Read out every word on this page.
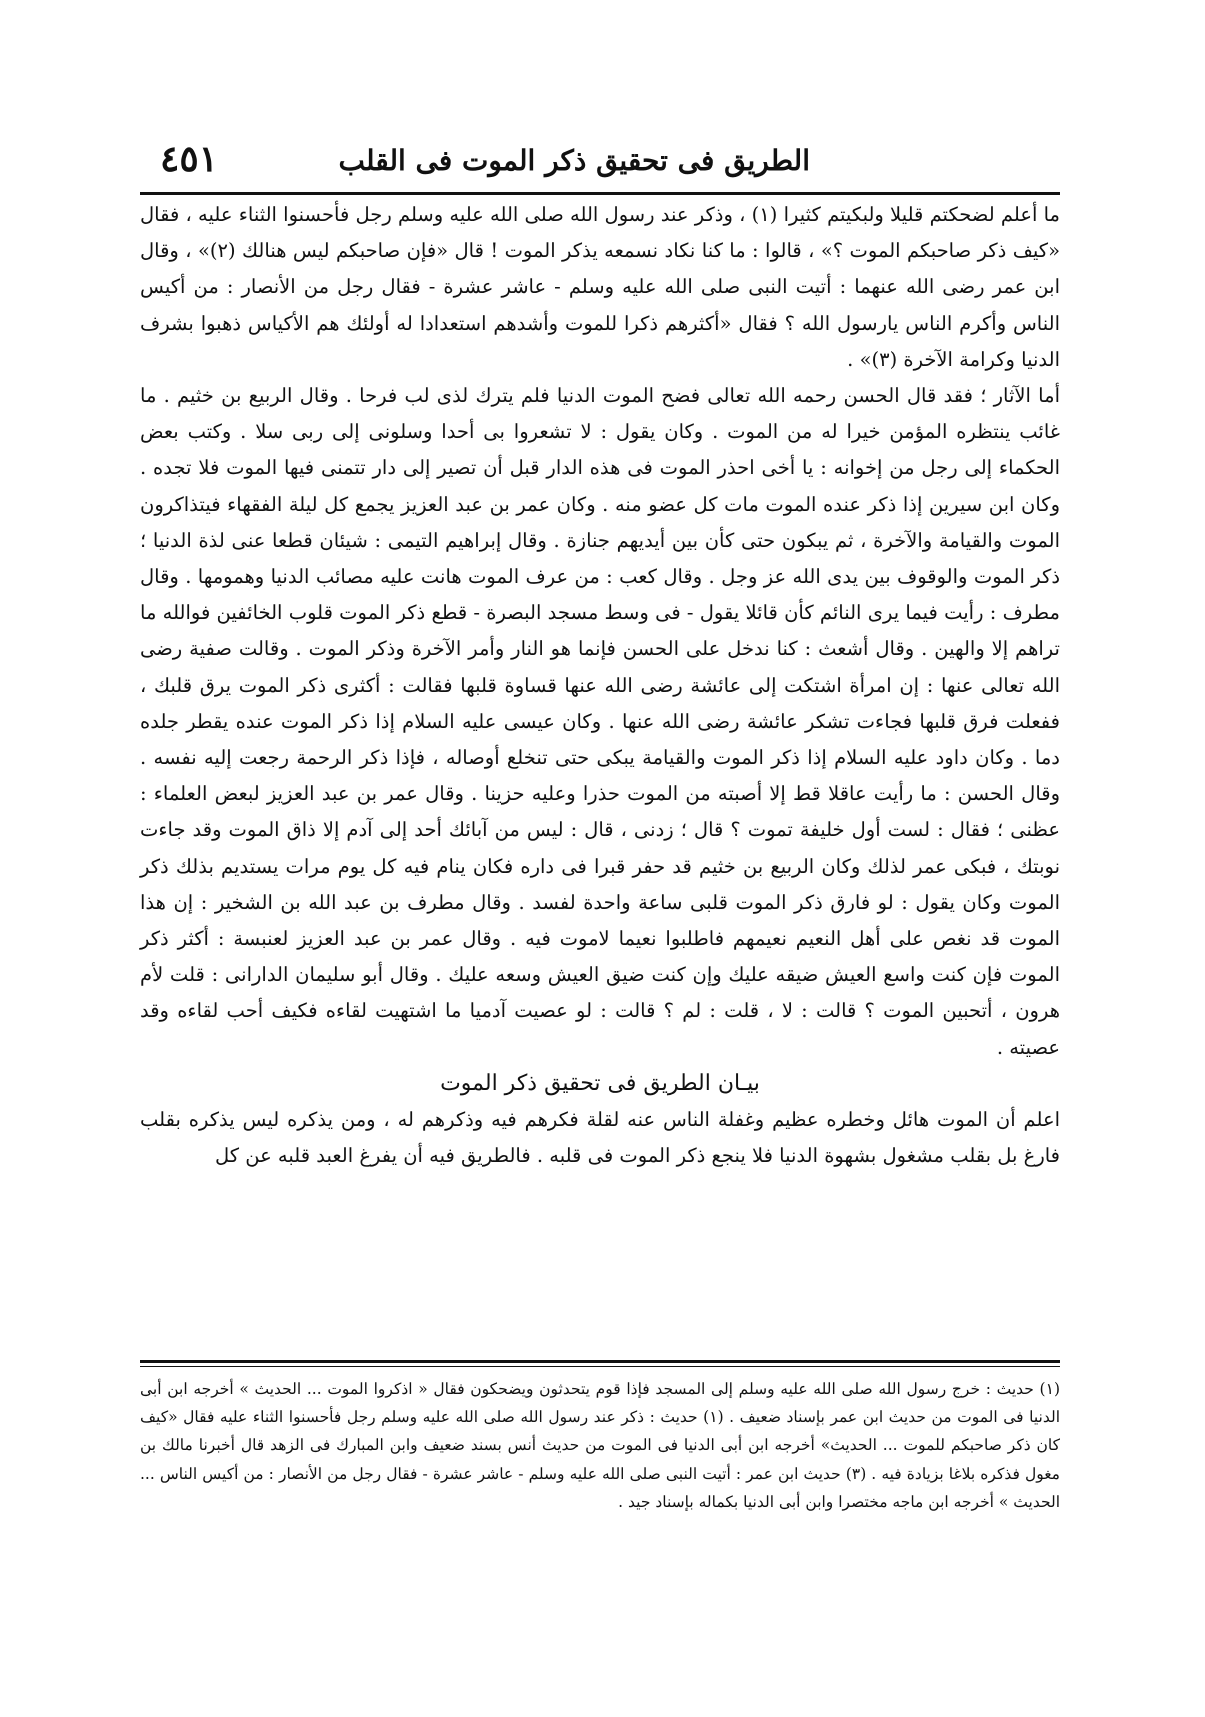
الطريق فى تحقيق ذكر الموت فى القلب
٤٥١

ما أعلم لضحكتم قليلا ولبكيتم كثيرا (١) ، وذكر عند رسول الله صلى الله عليه وسلم رجل فأحسنوا الثناء عليه ، فقال «كيف ذكر صاحبكم الموت ؟» ، قالوا : ما كنا نكاد نسمعه يذكر الموت ! قال «فإن صاحبكم ليس هنالك (٢)» ، وقال ابن عمر رضى الله عنهما : أتيت النبى صلى الله عليه وسلم - عاشر عشرة - فقال رجل من الأنصار : من أكيس الناس وأكرم الناس يارسول الله ؟ فقال «أكثرهم ذكرا للموت وأشدهم استعدادا له أولئك هم الأكياس ذهبوا بشرف الدنيا وكرامة الآخرة (٣)» .

أما الآثار ؛ فقد قال الحسن رحمه الله تعالى فضح الموت الدنيا فلم يترك لذى لب فرحا . وقال الربيع بن خثيم . ما غائب ينتظره المؤمن خيرا له من الموت . وكان يقول : لا تشعروا بى أحدا وسلونى إلى ربى سلا . وكتب بعض الحكماء إلى رجل من إخوانه : يا أخى احذر الموت فى هذه الدار قبل أن تصير إلى دار تتمنى فيها الموت فلا تجده . وكان ابن سيرين إذا ذكر عنده الموت مات كل عضو منه . وكان عمر بن عبد العزيز يجمع كل ليلة الفقهاء فيتذاكرون الموت والقيامة والآخرة ، ثم يبكون حتى كأن بين أيديهم جنازة . وقال إبراهيم التيمى : شيئان قطعا عنى لذة الدنيا ؛ ذكر الموت والوقوف بين يدى الله عز وجل . وقال كعب : من عرف الموت هانت عليه مصائب الدنيا وهمومها . وقال مطرف : رأيت فيما يرى النائم كأن قائلا يقول - فى وسط مسجد البصرة - قطع ذكر الموت قلوب الخائفين فوالله ما تراهم إلا والهين . وقال أشعث : كنا ندخل على الحسن فإنما هو النار وأمر الآخرة وذكر الموت . وقالت صفية رضى الله تعالى عنها : إن امرأة اشتكت إلى عائشة رضى الله عنها قساوة قلبها فقالت : أكثرى ذكر الموت يرق قلبك ، ففعلت فرق قلبها فجاءت تشكر عائشة رضى الله عنها . وكان عيسى عليه السلام إذا ذكر الموت عنده يقطر جلده دما . وكان داود عليه السلام إذا ذكر الموت والقيامة يبكى حتى تنخلع أوصاله ، فإذا ذكر الرحمة رجعت إليه نفسه . وقال الحسن : ما رأيت عاقلا قط إلا أصبته من الموت حذرا وعليه حزينا . وقال عمر بن عبد العزيز لبعض العلماء : عظنى ؛ فقال : لست أول خليفة تموت ؟ قال ؛ زدنى ، قال : ليس من آبائك أحد إلى آدم إلا ذاق الموت وقد جاءت نوبتك ، فبكى عمر لذلك وكان الربيع بن خثيم قد حفر قبرا فى داره فكان ينام فيه كل يوم مرات يستديم بذلك ذكر الموت وكان يقول : لو فارق ذكر الموت قلبى ساعة واحدة لفسد . وقال مطرف بن عبد الله بن الشخير : إن هذا الموت قد نغص على أهل النعيم نعيمهم فاطلبوا نعيما لاموت فيه . وقال عمر بن عبد العزيز لعنبسة : أكثر ذكر الموت فإن كنت واسع العيش ضيقه عليك وإن كنت ضيق العيش وسعه عليك . وقال أبو سليمان الدارانى : قلت لأم هرون ، أتحبين الموت ؟ قالت : لا ، قلت : لم ؟ قالت : لو عصيت آدميا ما اشتهيت لقاءه فكيف أحب لقاءه وقد عصيته .

بيـان الطريق فى تحقيق ذكر الموت

اعلم أن الموت هائل وخطره عظيم وغفلة الناس عنه لقلة فكرهم فيه وذكرهم له ، ومن يذكره ليس يذكره بقلب فارغ بل بقلب مشغول بشهوة الدنيا فلا ينجع ذكر الموت فى قلبه . فالطريق فيه أن يفرغ العبد قلبه عن كل

(١) حديث : خرج رسول الله صلى الله عليه وسلم إلى المسجد فإذا قوم يتحدثون ويضحكون فقال « اذكروا الموت ... الحديث » أخرجه ابن أبى الدنيا فى الموت من حديث ابن عمر بإسناد ضعيف . (١) حديث : ذكر عند رسول الله صلى الله عليه وسلم رجل فأحسنوا الثناء عليه فقال «كيف كان ذكر صاحبكم للموت ... الحديث» أخرجه ابن أبى الدنيا فى الموت من حديث أنس بسند ضعيف وابن المبارك فى الزهد قال أخبرنا مالك بن مغول فذكره بلاغا بزيادة فيه . (٣) حديث ابن عمر : أتيت النبى صلى الله عليه وسلم - عاشر عشرة - فقال رجل من الأنصار : من أكيس الناس ... الحديث » أخرجه ابن ماجه مختصرا وابن أبى الدنيا بكماله بإسناد جيد .
